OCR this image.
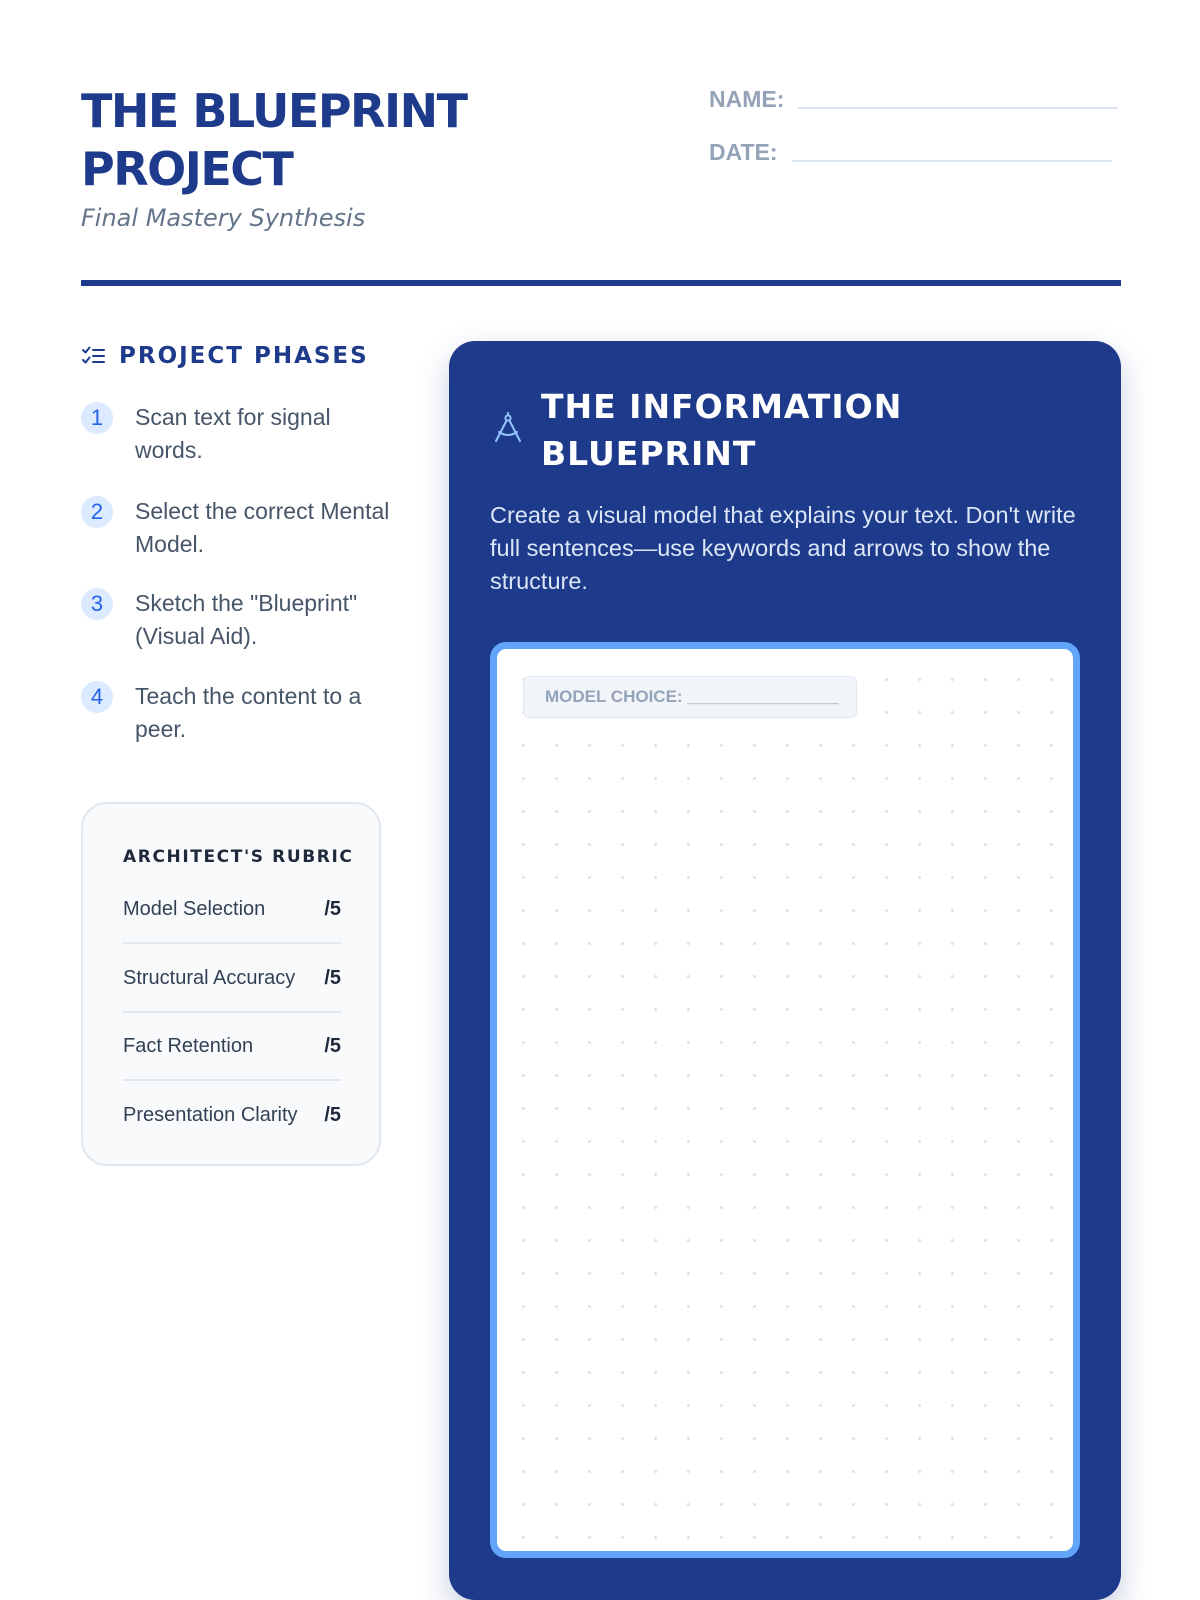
THE BLUEPRINT PROJECT
Final Mastery Synthesis
NAME:
DATE:
PROJECT PHASES
1	Scan text for signal words.
2	Select the correct Mental Model.
3	Sketch the "Blueprint" (Visual Aid).
4	Teach the content to a peer.
ARCHITECT'S RUBRIC
Model Selection	/5
Structural Accuracy /5
Fact Retention	/5
Presentation Clarity /5
THE INFORMATION BLUEPRINT

Create a visual model that explains your text. Don't write full sentences—use keywords and arrows to show the structure.

MODEL CHOICE: ________________
